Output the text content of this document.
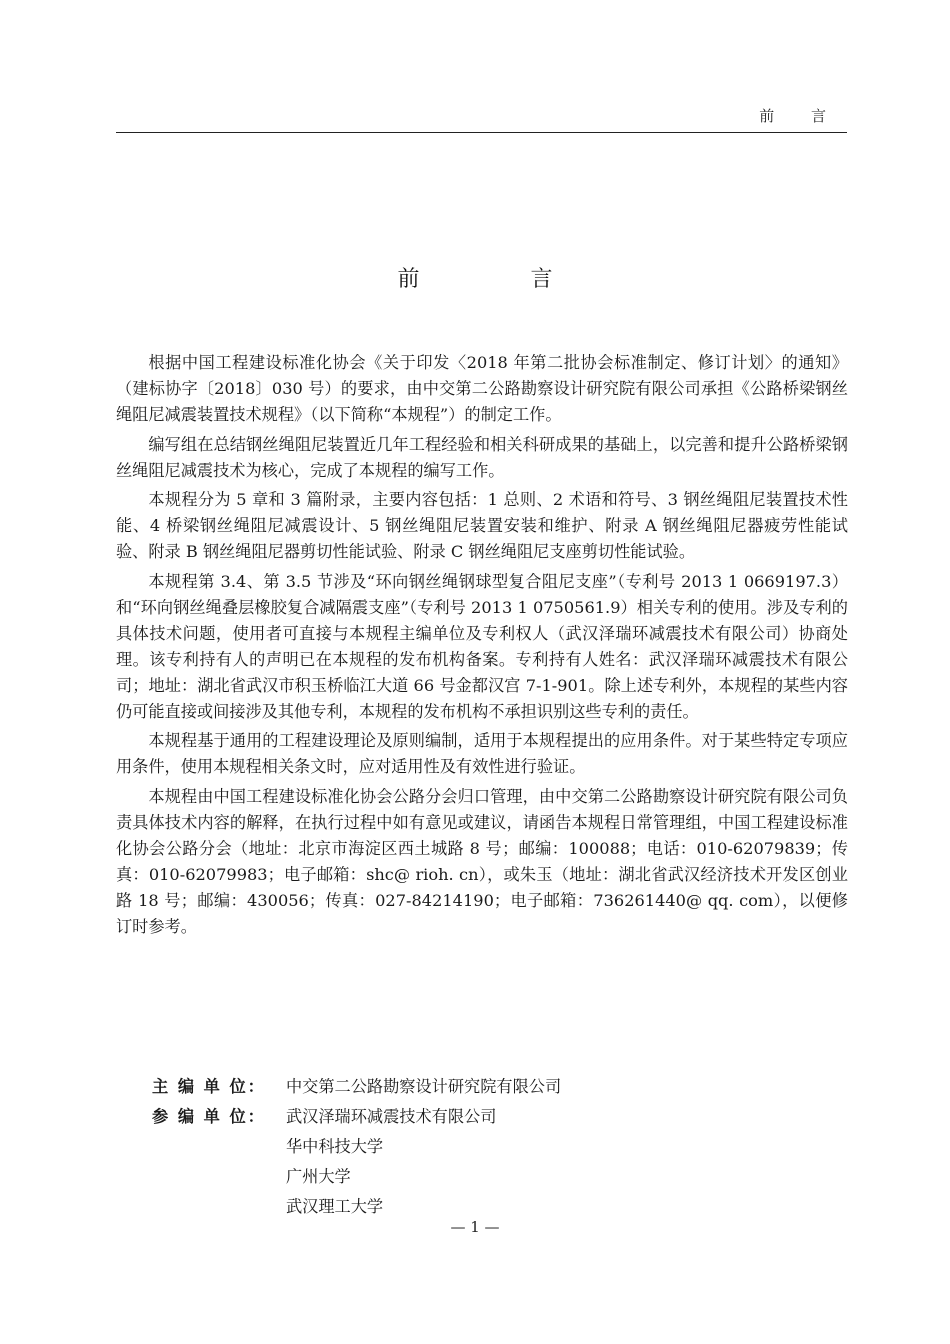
前 言
前 言

根据中国工程建设标准化协会《关于印发〈2018 年第二批协会标准制定、修订计划〉的通知》（建标协字〔2018〕030 号）的要求，由中交第二公路勘察设计研究院有限公司承担《公路桥梁钢丝绳阻尼减震装置技术规程》（以下简称“本规程”）的制定工作。

编写组在总结钢丝绳阻尼装置近几年工程经验和相关科研成果的基础上，以完善和提升公路桥梁钢丝绳阻尼减震技术为核心，完成了本规程的编写工作。

本规程分为 5 章和 3 篇附录，主要内容包括：1 总则、2 术语和符号、3 钢丝绳阻尼装置技术性能、4 桥梁钢丝绳阻尼减震设计、5 钢丝绳阻尼装置安装和维护、附录 A 钢丝绳阻尼器疲劳性能试验、附录 B 钢丝绳阻尼器剪切性能试验、附录 C 钢丝绳阻尼支座剪切性能试验。

本规程第 3.4、第 3.5 节涉及“环向钢丝绳钢球型复合阻尼支座”（专利号 2013 1 0669197.3）和“环向钢丝绳叠层橡胶复合减隔震支座”（专利号 2013 1 0750561.9）相关专利的使用。涉及专利的具体技术问题，使用者可直接与本规程主编单位及专利权人（武汉泽瑞环减震技术有限公司）协商处理。该专利持有人的声明已在本规程的发布机构备案。专利持有人姓名：武汉泽瑞环减震技术有限公司；地址：湖北省武汉市积玉桥临江大道 66 号金都汉宫 7-1-901。除上述专利外，本规程的某些内容仍可能直接或间接涉及其他专利，本规程的发布机构不承担识别这些专利的责任。

本规程基于通用的工程建设理论及原则编制，适用于本规程提出的应用条件。对于某些特定专项应用条件，使用本规程相关条文时，应对适用性及有效性进行验证。

本规程由中国工程建设标准化协会公路分会归口管理，由中交第二公路勘察设计研究院有限公司负责具体技术内容的解释，在执行过程中如有意见或建议，请函告本规程日常管理组，中国工程建设标准化协会公路分会（地址：北京市海淀区西土城路 8 号；邮编：100088；电话：010-62079839；传真：010-62079983；电子邮箱：shc@ rioh. cn），或朱玉（地址：湖北省武汉经济技术开发区创业路 18 号；邮编：430056；传真：027-84214190；电子邮箱：736261440@ qq. com），以便修订时参考。

主 编 单 位：	中交第二公路勘察设计研究院有限公司
参 编 单 位：	武汉泽瑞环减震技术有限公司
华中科技大学
广州大学
武汉理工大学
— 1 —
